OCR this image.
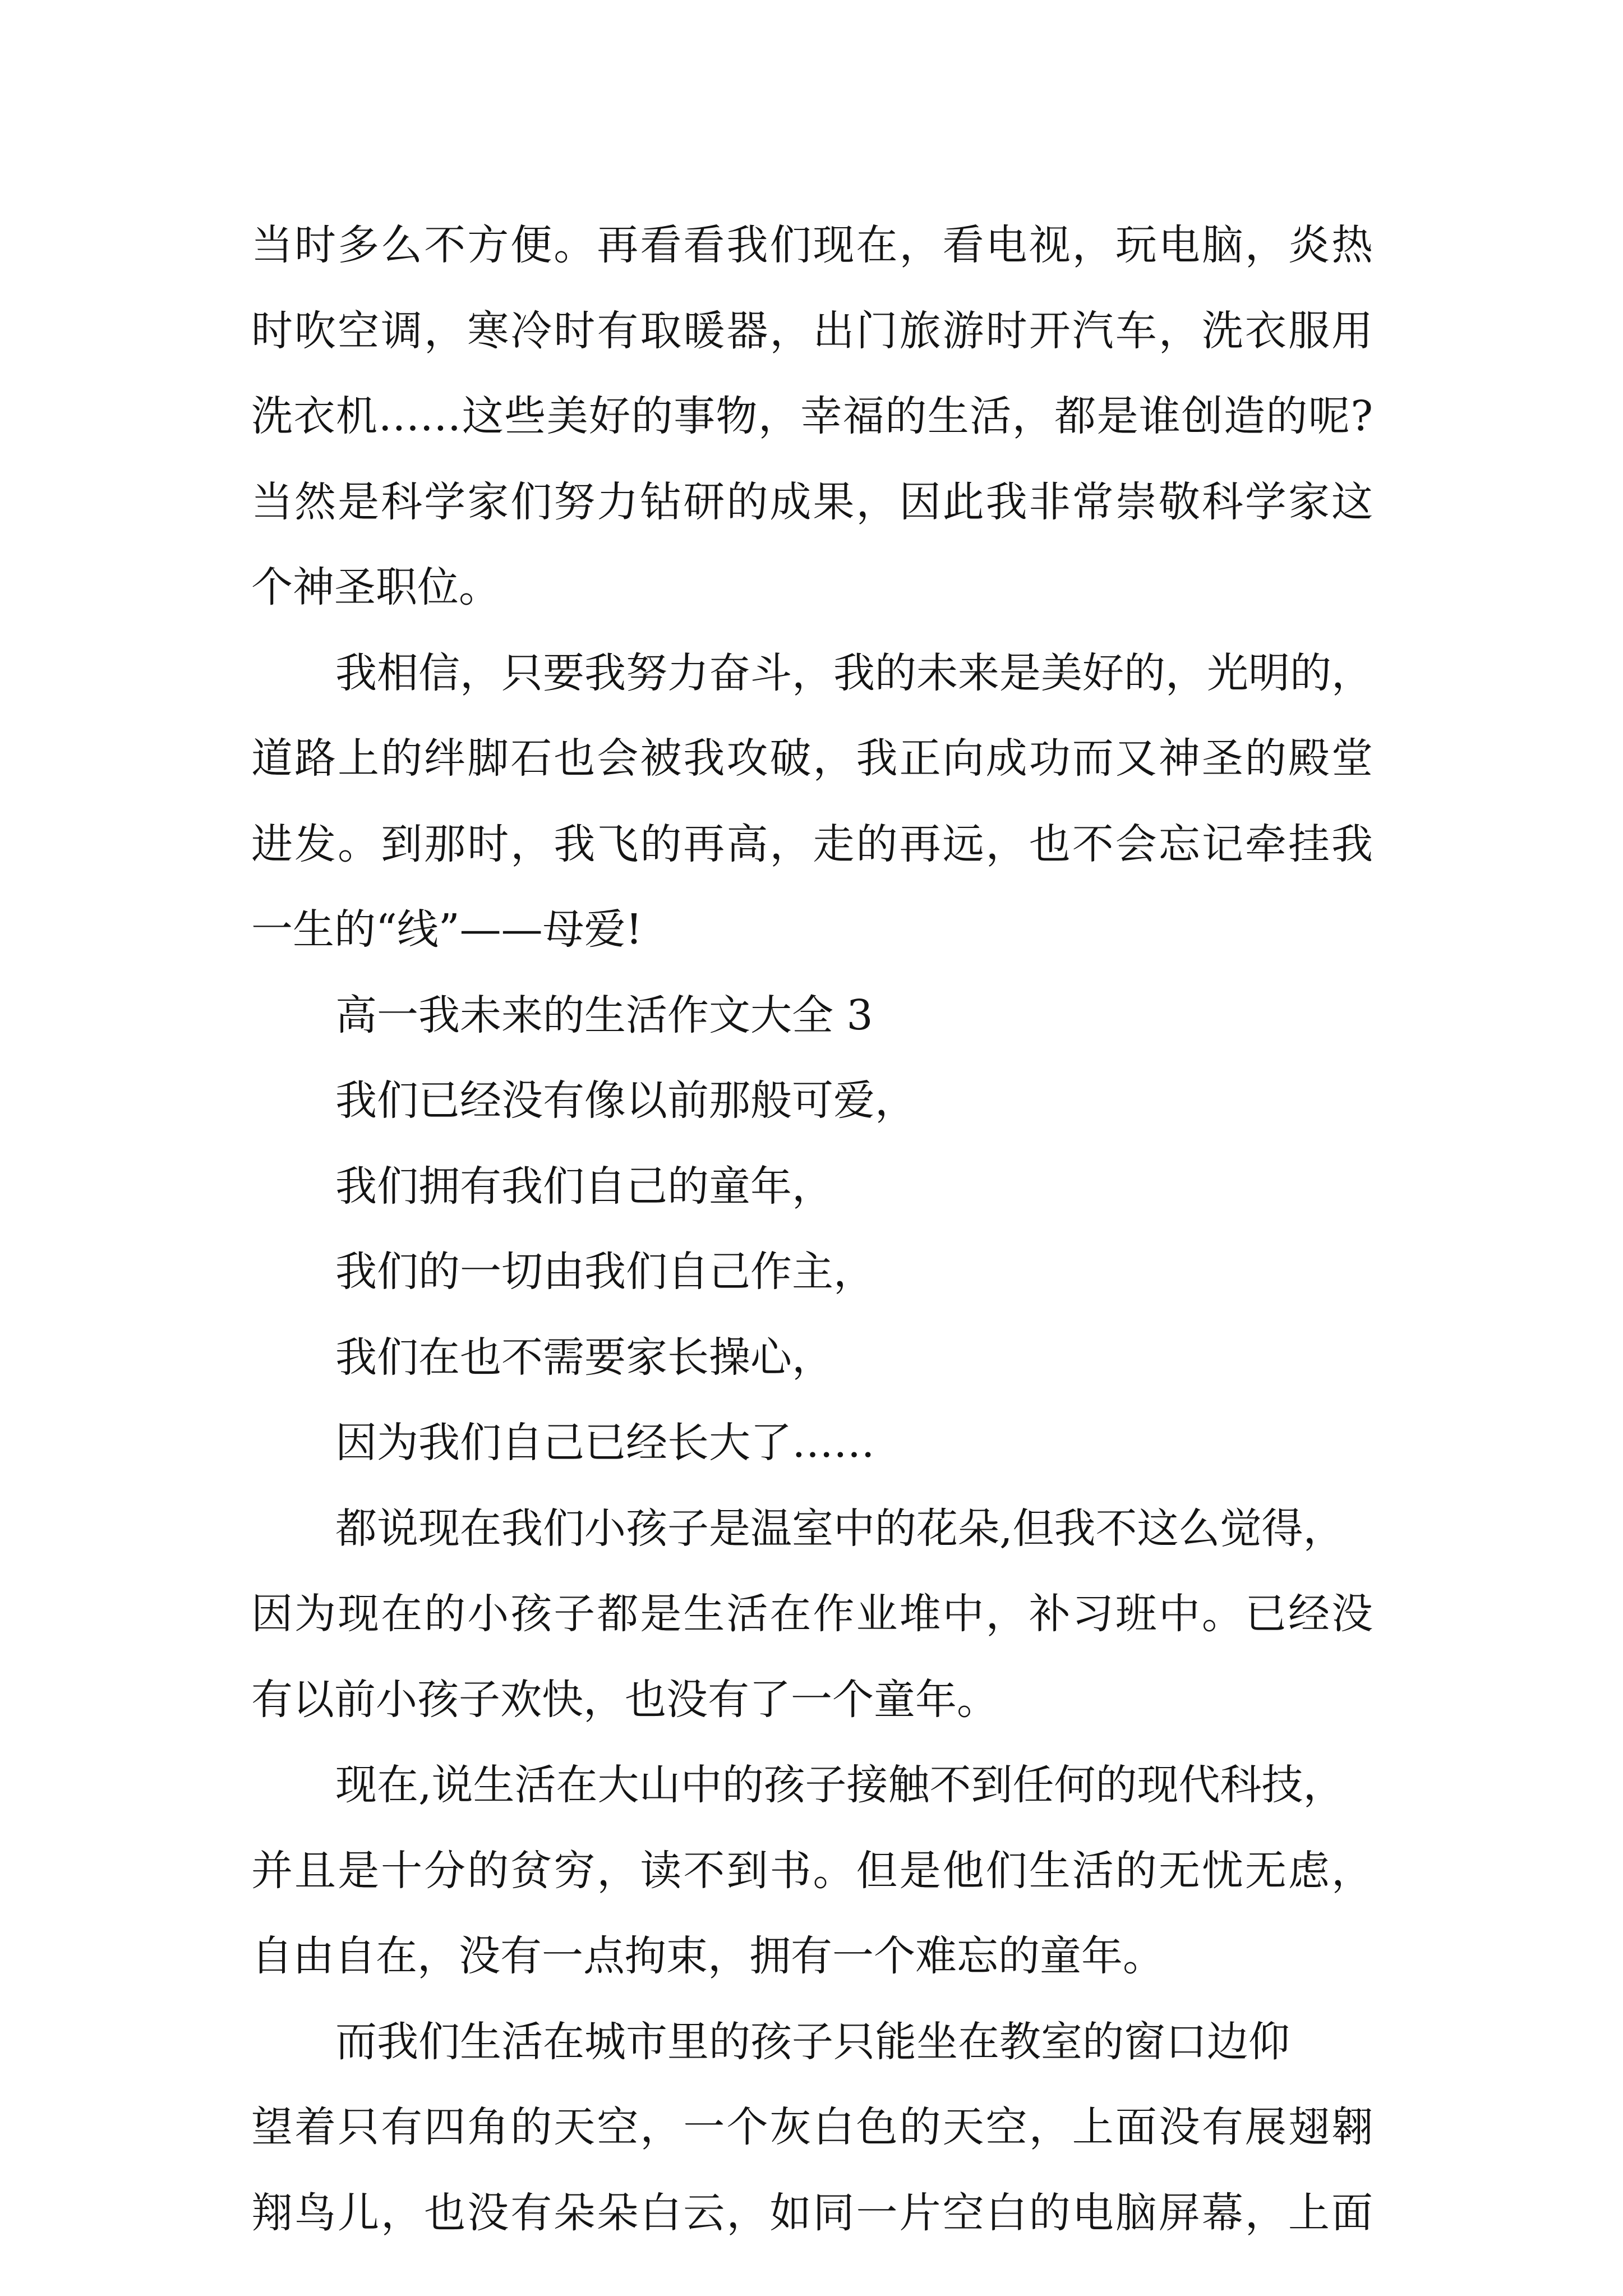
当时多么不方便。再看看我们现在，看电视，玩电脑，炎热
时吹空调，寒冷时有取暖器，出门旅游时开汽车，洗衣服用
洗衣机……这些美好的事物，幸福的生活，都是谁创造的呢?
当然是科学家们努力钻研的成果，因此我非常崇敬科学家这
个神圣职位。
我相信，只要我努力奋斗，我的未来是美好的，光明的，
道路上的绊脚石也会被我攻破，我正向成功而又神圣的殿堂
进发。到那时，我飞的再高，走的再远，也不会忘记牵挂我
一生的“线”——母爱!
高一我未来的生活作文大全 3
我们已经没有像以前那般可爱，
我们拥有我们自己的童年，
我们的一切由我们自己作主，
我们在也不需要家长操心，
因为我们自己已经长大了……
都说现在我们小孩子是温室中的花朵,但我不这么觉得，
因为现在的小孩子都是生活在作业堆中，补习班中。已经没
有以前小孩子欢快，也没有了一个童年。
现在,说生活在大山中的孩子接触不到任何的现代科技，
并且是十分的贫穷，读不到书。但是他们生活的无忧无虑，
自由自在，没有一点拘束，拥有一个难忘的童年。
而我们生活在城市里的孩子只能坐在教室的窗口边仰
望着只有四角的天空，一个灰白色的天空，上面没有展翅翱
翔鸟儿，也没有朵朵白云，如同一片空白的电脑屏幕，上面
